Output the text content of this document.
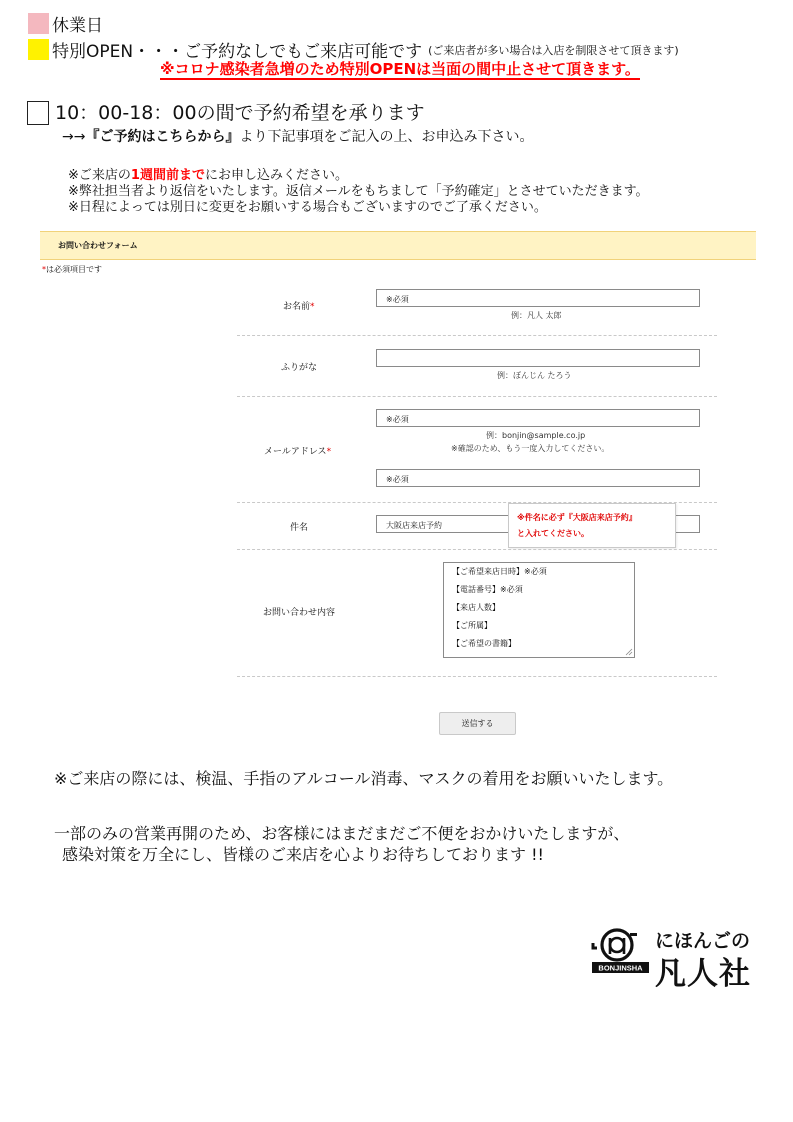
休業日
特別OPEN・・・ご予約なしでもご来店可能です (ご来店者が多い場合は入店を制限させて頂きます)
※コロナ感染者急増のため特別OPENは当面の間中止させて頂きます。
10：00-18：00の間で予約希望を承ります
→→『ご予約はこちらから』より下記事項をご記入の上、お申込み下さい。
※ご来店の1週間前までにお申し込みください。
※弊社担当者より返信をいたします。返信メールをもちまして「予約確定」とさせていただきます。
※日程によっては別日に変更をお願いする場合もございますのでご了承ください。
お問い合わせフォーム
*は必須項目です
お名前*
※必須
例：凡人 太郎
ふりがな
例：ぼんじん たろう
メールアドレス*
※必須
例：bonjin@sample.co.jp
※確認のため、もう一度入力してください。
※必須
件名	大阪店来店予約
※件名に必ず『大阪店来店予約』
と入れてください。
お問い合わせ内容
【ご希望来店日時】※必須
【電話番号】※必須
【来店人数】
【ご所属】
【ご希望の書籍】
送信する
※ご来店の際には、検温、手指のアルコール消毒、マスクの着用をお願いいたします。
一部のみの営業再開のため、お客様にはまだまだご不便をおかけいたしますが、
感染対策を万全にし、皆様のご来店を心よりお待ちしております !!
BONJINSHA
にほんごの
凡人社
